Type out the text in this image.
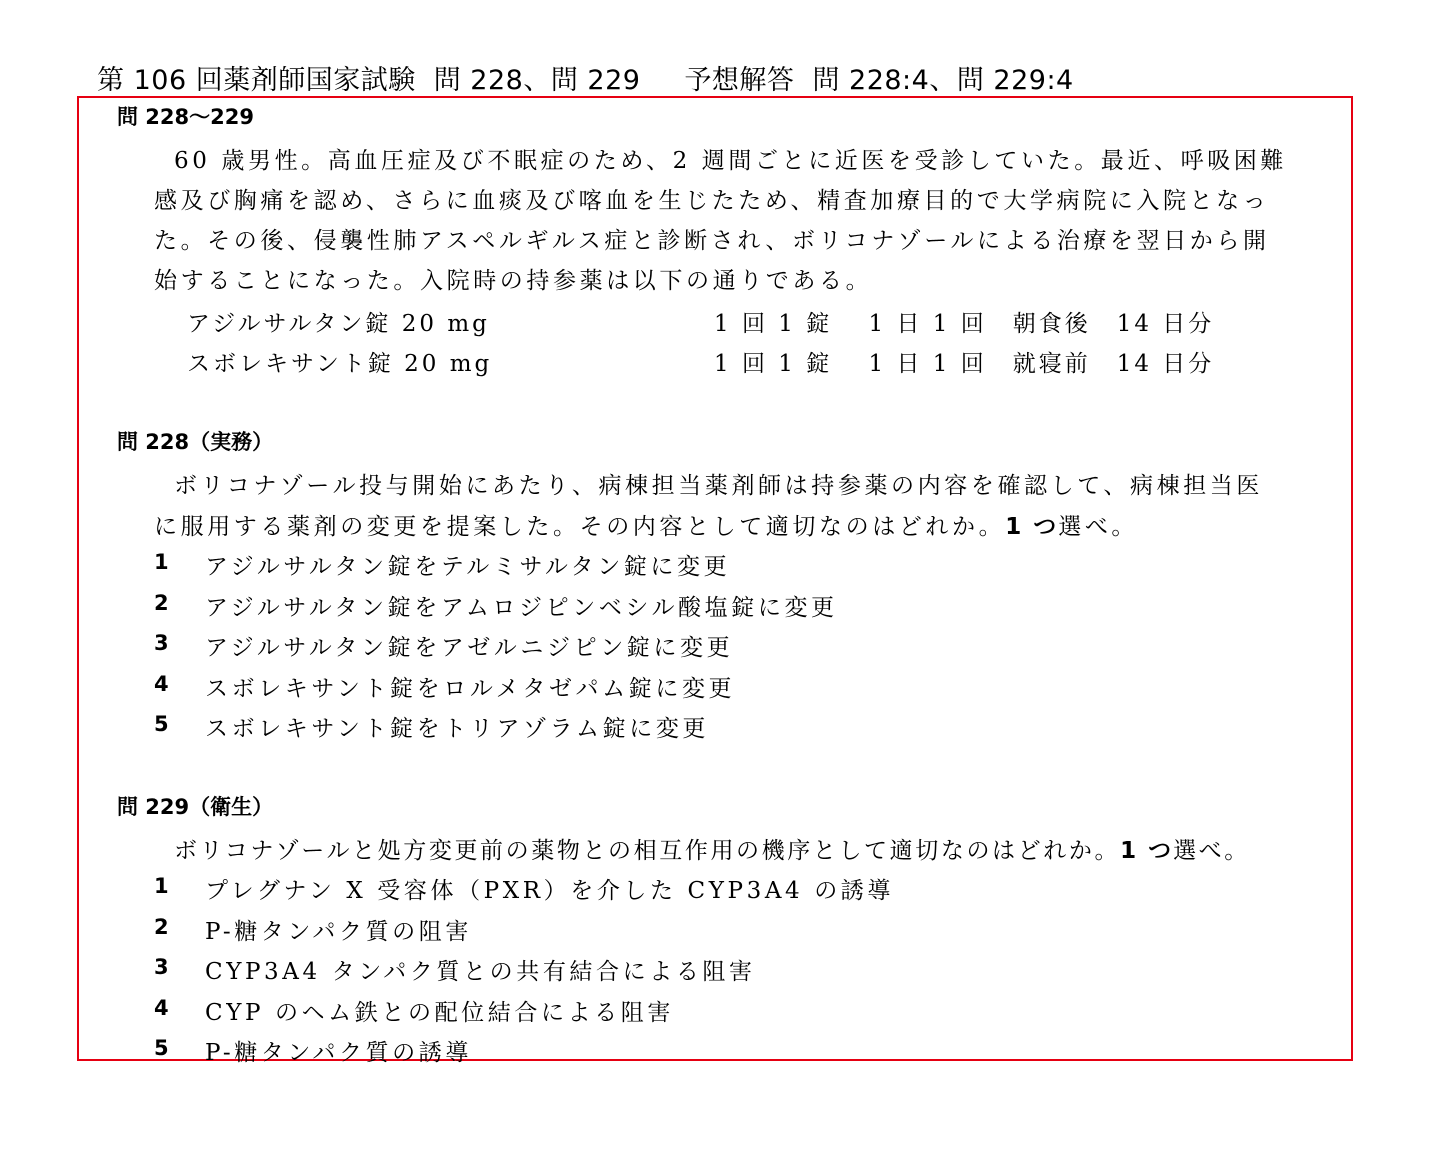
第 106 回薬剤師国家試験 問 228、問 229 予想解答 問 228:4、問 229:4
問 228～229
60 歳男性。高血圧症及び不眠症のため、2 週間ごとに近医を受診していた。最近、呼吸困難
感及び胸痛を認め、さらに血痰及び喀血を生じたため、精査加療目的で大学病院に入院となっ
た。その後、侵襲性肺アスペルギルス症と診断され、ボリコナゾールによる治療を翌日から開
始することになった。入院時の持参薬は以下の通りである。
アジルサルタン錠 20 mg	1 回 1 錠　 1 日 1 回　朝食後　14 日分
スボレキサント錠 20 mg	1 回 1 錠　 1 日 1 回　就寝前　14 日分
問 228（実務）
ボリコナゾール投与開始にあたり、病棟担当薬剤師は持参薬の内容を確認して、病棟担当医
に服用する薬剤の変更を提案した。その内容として適切なのはどれか。1 つ選べ。
1	アジルサルタン錠をテルミサルタン錠に変更
2	アジルサルタン錠をアムロジピンベシル酸塩錠に変更
3	アジルサルタン錠をアゼルニジピン錠に変更
4	スボレキサント錠をロルメタゼパム錠に変更
5	スボレキサント錠をトリアゾラム錠に変更
問 229（衛生）
ボリコナゾールと処方変更前の薬物との相互作用の機序として適切なのはどれか。1 つ選べ。
1	プレグナン X 受容体（PXR）を介した CYP3A4 の誘導
2	P-糖タンパク質の阻害
3	CYP3A4 タンパク質との共有結合による阻害
4	CYP のヘム鉄との配位結合による阻害
5	P-糖タンパク質の誘導
